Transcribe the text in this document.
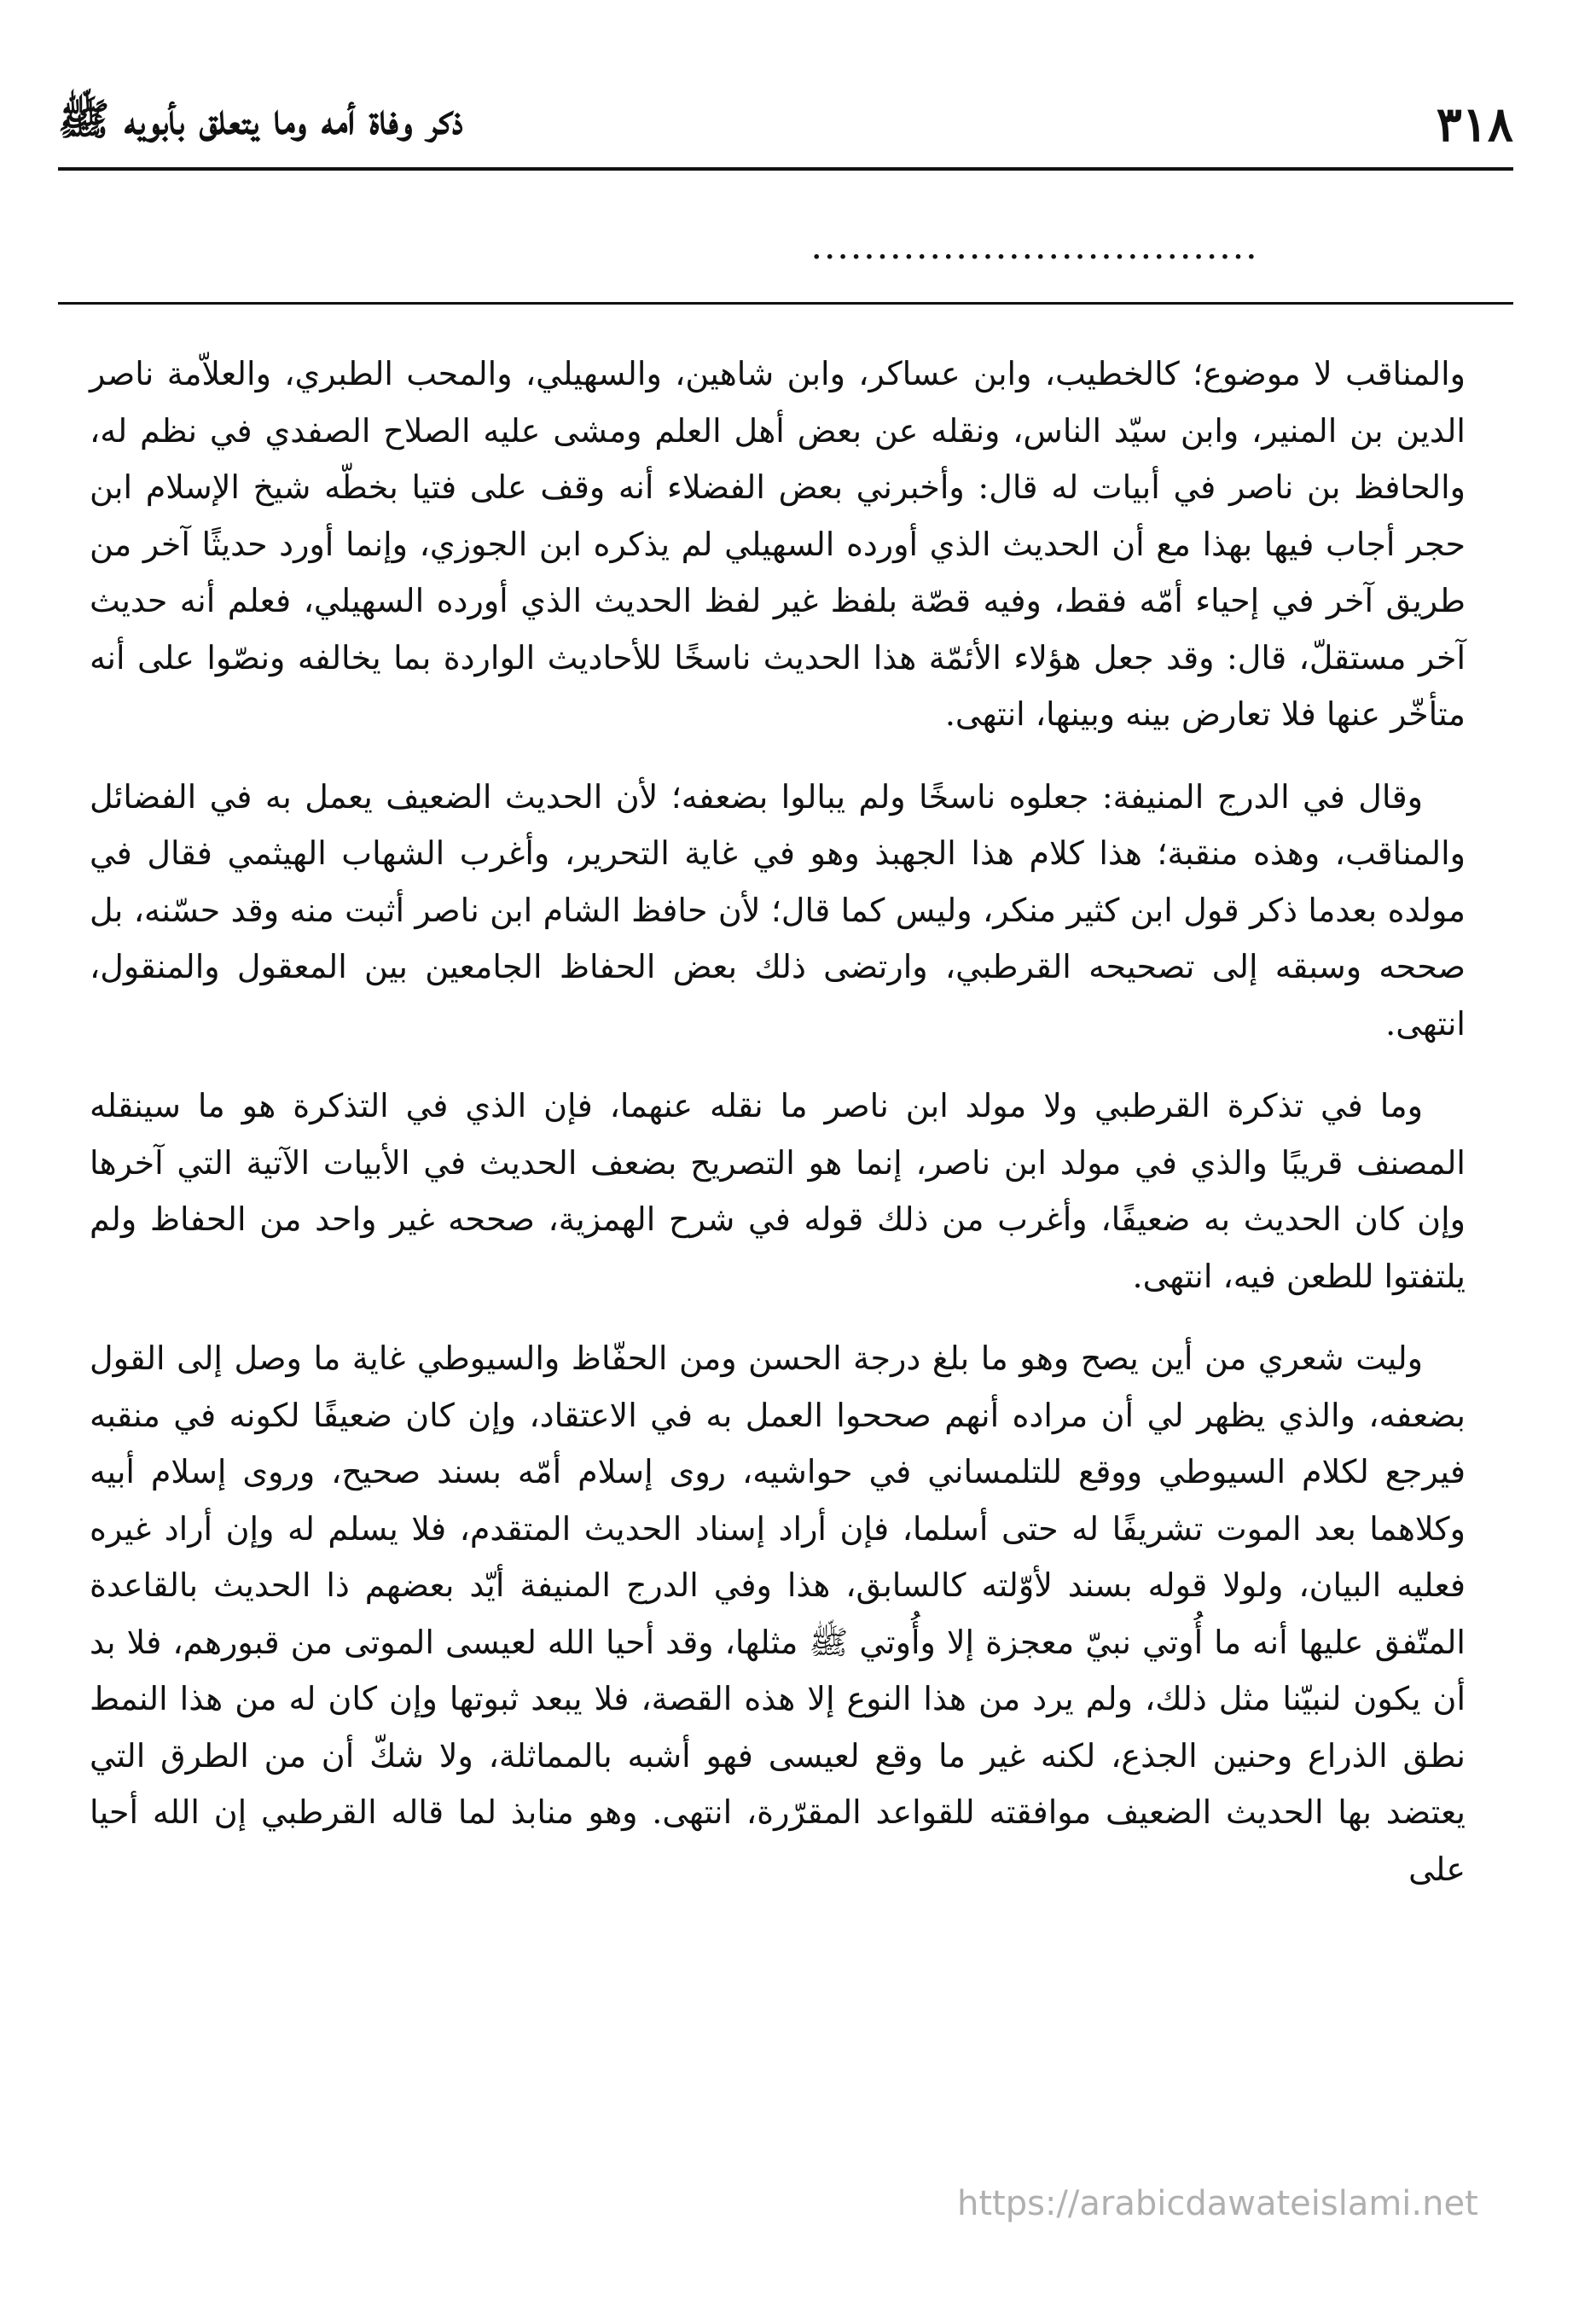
٣١٨
ذكر وفاة أمه وما يتعلق بأبويه ﷺ
..................................

والمناقب لا موضوع؛ كالخطيب، وابن عساكر، وابن شاهين، والسهيلي، والمحب الطبري، والعلاّمة ناصر الدين بن المنير، وابن سيّد الناس، ونقله عن بعض أهل العلم ومشى عليه الصلاح الصفدي في نظم له، والحافظ بن ناصر في أبيات له قال: وأخبرني بعض الفضلاء أنه وقف على فتيا بخطّه شيخ الإسلام ابن حجر أجاب فيها بهذا مع أن الحديث الذي أورده السهيلي لم يذكره ابن الجوزي، وإنما أورد حديثًا آخر من طريق آخر في إحياء أمّه فقط، وفيه قصّة بلفظ غير لفظ الحديث الذي أورده السهيلي، فعلم أنه حديث آخر مستقلّ، قال: وقد جعل هؤلاء الأئمّة هذا الحديث ناسخًا للأحاديث الواردة بما يخالفه ونصّوا على أنه متأخّر عنها فلا تعارض بينه وبينها، انتهى.

وقال في الدرج المنيفة: جعلوه ناسخًا ولم يبالوا بضعفه؛ لأن الحديث الضعيف يعمل به في الفضائل والمناقب، وهذه منقبة؛ هذا كلام هذا الجهبذ وهو في غاية التحرير، وأغرب الشهاب الهيثمي فقال في مولده بعدما ذكر قول ابن كثير منكر، وليس كما قال؛ لأن حافظ الشام ابن ناصر أثبت منه وقد حسّنه، بل صححه وسبقه إلى تصحيحه القرطبي، وارتضى ذلك بعض الحفاظ الجامعين بين المعقول والمنقول، انتهى.

وما في تذكرة القرطبي ولا مولد ابن ناصر ما نقله عنهما، فإن الذي في التذكرة هو ما سينقله المصنف قريبًا والذي في مولد ابن ناصر، إنما هو التصريح بضعف الحديث في الأبيات الآتية التي آخرها وإن كان الحديث به ضعيفًا، وأغرب من ذلك قوله في شرح الهمزية، صححه غير واحد من الحفاظ ولم يلتفتوا للطعن فيه، انتهى.

وليت شعري من أين يصح وهو ما بلغ درجة الحسن ومن الحفّاظ والسيوطي غاية ما وصل إلى القول بضعفه، والذي يظهر لي أن مراده أنهم صححوا العمل به في الاعتقاد، وإن كان ضعيفًا لكونه في منقبه فيرجع لكلام السيوطي ووقع للتلمساني في حواشيه، روى إسلام أمّه بسند صحيح، وروى إسلام أبيه وكلاهما بعد الموت تشريفًا له حتى أسلما، فإن أراد إسناد الحديث المتقدم، فلا يسلم له وإن أراد غيره فعليه البيان، ولولا قوله بسند لأوّلته كالسابق، هذا وفي الدرج المنيفة أيّد بعضهم ذا الحديث بالقاعدة المتّفق عليها أنه ما أُوتي نبيّ معجزة إلا وأُوتي ﷺ مثلها، وقد أحيا الله لعيسى الموتى من قبورهم، فلا بد أن يكون لنبيّنا مثل ذلك، ولم يرد من هذا النوع إلا هذه القصة، فلا يبعد ثبوتها وإن كان له من هذا النمط نطق الذراع وحنين الجذع، لكنه غير ما وقع لعيسى فهو أشبه بالمماثلة، ولا شكّ أن من الطرق التي يعتضد بها الحديث الضعيف موافقته للقواعد المقرّرة، انتهى. وهو منابذ لما قاله القرطبي إن الله أحيا على

https://arabicdawateislami.net
